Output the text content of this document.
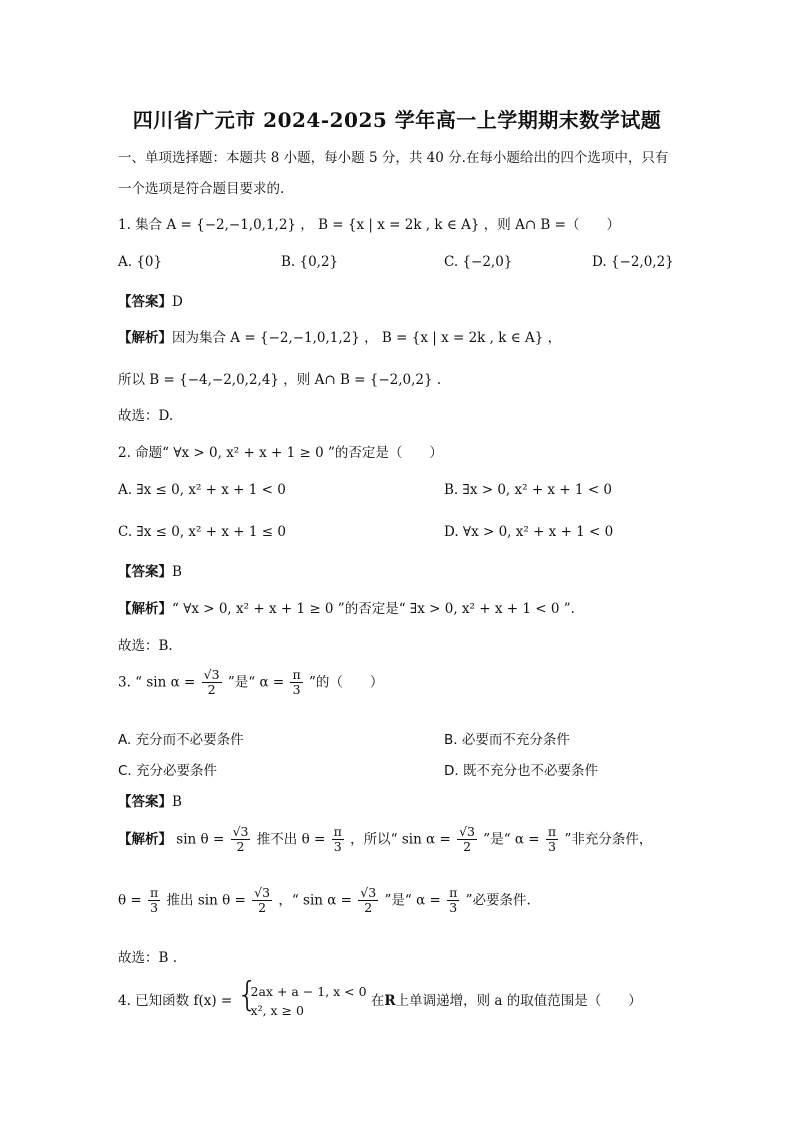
四川省广元市 2024-2025 学年高一上学期期末数学试题
一、单项选择题：本题共 8 小题，每小题 5 分，共 40 分.在每小题给出的四个选项中，只有
一个选项是符合题目要求的.
1. 集合 A = {−2,−1,0,1,2} ， B = {x | x = 2k , k ∈ A} ，则 A∩ B =（　　）
A. {0}	B. {0,2}	C. {−2,0}	D. {−2,0,2}
【答案】D
【解析】因为集合 A = {−2,−1,0,1,2} ， B = {x | x = 2k , k ∈ A} ，
所以 B = {−4,−2,0,2,4} ，则 A∩ B = {−2,0,2} .
故选：D.
2. 命题“ ∀x > 0, x² + x + 1 ≥ 0 ”的否定是（　　）
A. ∃x ≤ 0, x² + x + 1 < 0	B. ∃x > 0, x² + x + 1 < 0
C. ∃x ≤ 0, x² + x + 1 ≤ 0	D. ∀x > 0, x² + x + 1 < 0
【答案】B
【解析】“ ∀x > 0, x² + x + 1 ≥ 0 ”的否定是“ ∃x > 0, x² + x + 1 < 0 ”.
故选：B.
3. “ $\sin \alpha = \frac{√3}{2}$ ”是“ $\alpha = \frac{\pi}{3}$ ”的（　　）
A. 充分而不必要条件	B. 必要而不充分条件
C. 充分必要条件	D. 既不充分也不必要条件
【答案】B
【解析】 $\sin \theta = \frac{√3}{2}$ 推不出 $\theta = \frac{\pi}{3}$ ，所以“ $\sin \alpha = \frac{√3}{2}$ ”是“ $\alpha = \frac{\pi}{3}$ ”非充分条件，
$\theta = \frac{\pi}{3}$ 推出 $\sin \theta = \frac{√3}{2}$ ，“ $\sin \alpha = \frac{√3}{2}$ ”是“ $\alpha = \frac{\pi}{3}$ ”必要条件.
故选：B .
4. 已知函数 f(x) = {
2ax + a − 1, x < 0
x², x ≥ 0
在R上单调递增，则 a 的取值范围是（　　）
